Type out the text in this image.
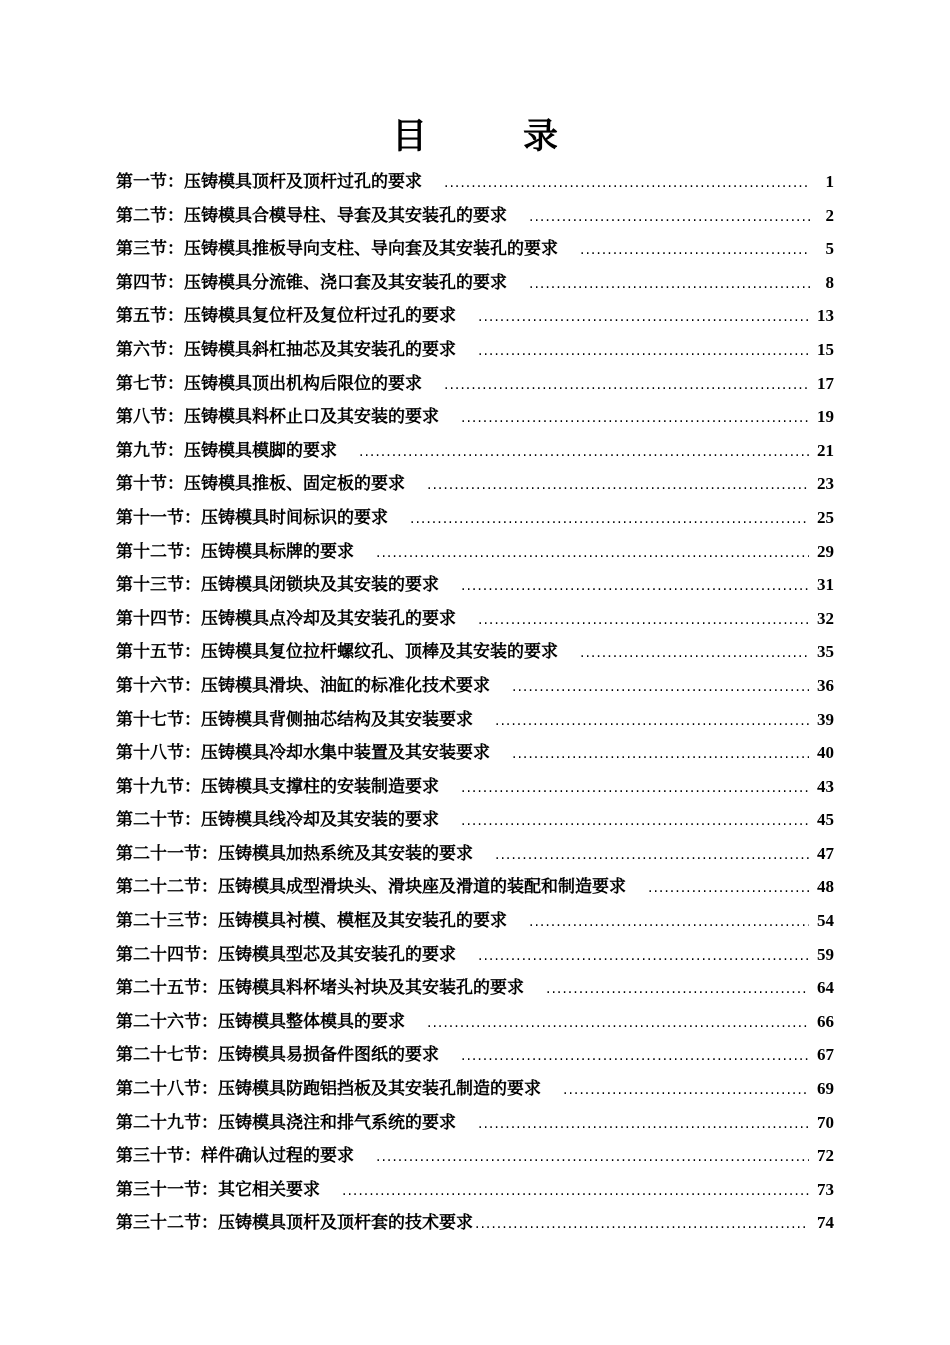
目	录
第一节：压铸模具顶杆及顶杆过孔的要求 .....	1
第二节：压铸模具合模导柱、导套及其安装孔的要求 .....	2
第三节：压铸模具推板导向支柱、导向套及其安装孔的要求 .....	5
第四节：压铸模具分流锥、浇口套及其安装孔的要求 .....	8
第五节：压铸模具复位杆及复位杆过孔的要求 .....	13
第六节：压铸模具斜杠抽芯及其安装孔的要求 .....	15
第七节：压铸模具顶出机构后限位的要求 .....	17
第八节：压铸模具料杯止口及其安装的要求 .....	19
第九节：压铸模具模脚的要求 .....	21
第十节：压铸模具推板、固定板的要求 .....	23
第十一节：压铸模具时间标识的要求 .....	25
第十二节：压铸模具标牌的要求 .....	29
第十三节：压铸模具闭锁块及其安装的要求 .....	31
第十四节：压铸模具点冷却及其安装孔的要求 .....	32
第十五节：压铸模具复位拉杆螺纹孔、顶棒及其安装的要求 .....	35
第十六节：压铸模具滑块、油缸的标准化技术要求 .....	36
第十七节：压铸模具背侧抽芯结构及其安装要求 .....	39
第十八节：压铸模具冷却水集中装置及其安装要求 .....	40
第十九节：压铸模具支撑柱的安装制造要求 .....	43
第二十节：压铸模具线冷却及其安装的要求 .....	45
第二十一节：压铸模具加热系统及其安装的要求 .....	47
第二十二节：压铸模具成型滑块头、滑块座及滑道的装配和制造要求 .....	48
第二十三节：压铸模具衬模、模框及其安装孔的要求 .....	54
第二十四节：压铸模具型芯及其安装孔的要求 .....	59
第二十五节：压铸模具料杯堵头衬块及其安装孔的要求 .....	64
第二十六节：压铸模具整体模具的要求 .....	66
第二十七节：压铸模具易损备件图纸的要求 .....	67
第二十八节：压铸模具防跑铝挡板及其安装孔制造的要求 .....	69
第二十九节：压铸模具浇注和排气系统的要求 .....	70
第三十节：样件确认过程的要求 .....	72
第三十一节：其它相关要求 .....	73
第三十二节：压铸模具顶杆及顶杆套的技术要求 .....	74
